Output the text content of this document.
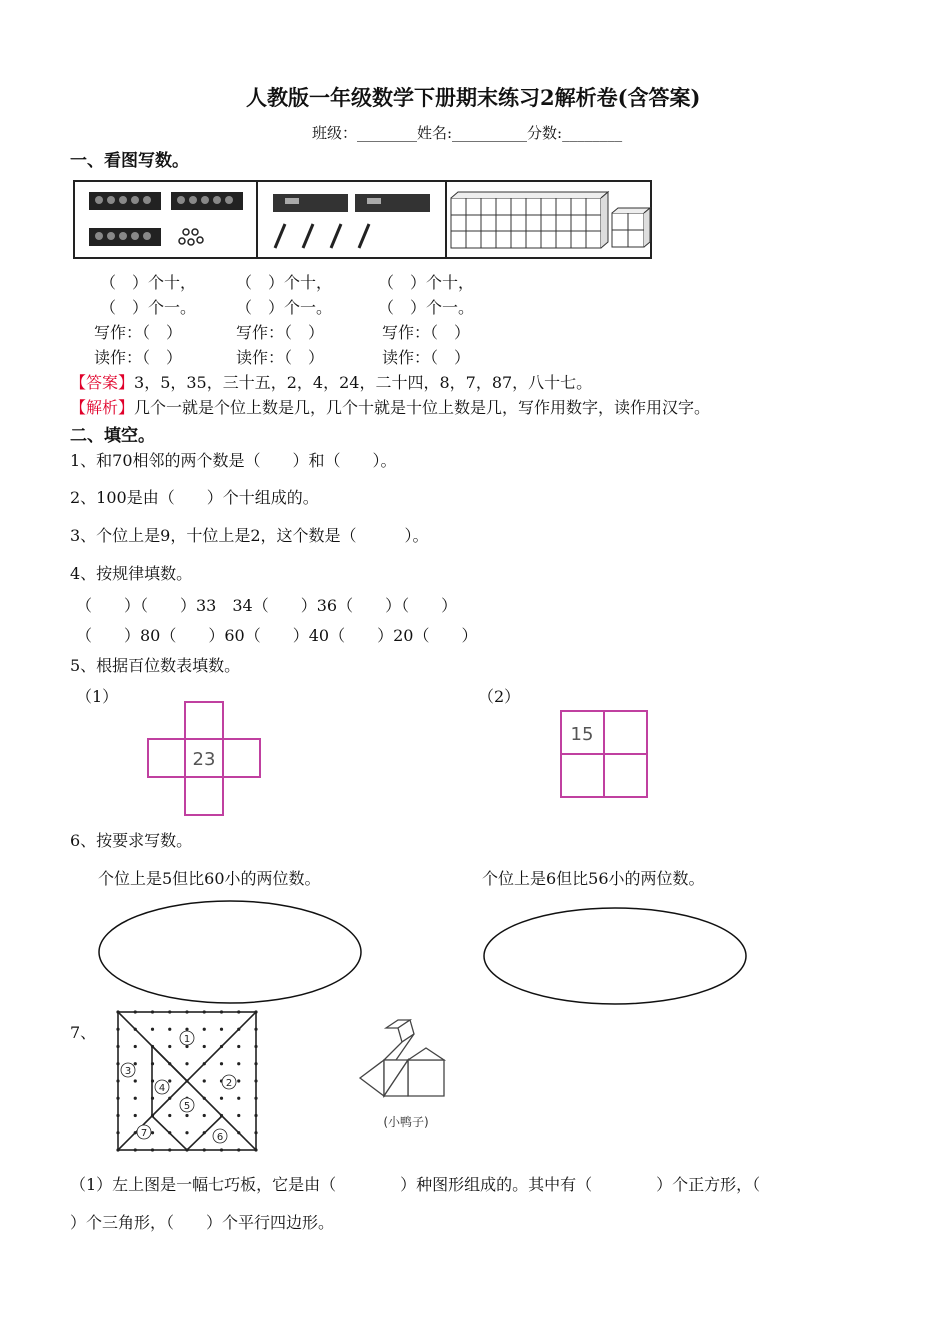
人教版一年级数学下册期末练习2解析卷(含答案)
班级：________姓名:__________分数:________
一、看图写数。
（　）个十， （　）个十，	（　）个十，
（　）个一。 （　）个一。	（　）个一。
写作：（　）	写作：（　）	写作：（　）
读作：（　）	读作：（　）	读作：（　）
【答案】3，5，35，三十五，2，4，24，二十四，8，7，87，八十七。
【解析】几个一就是个位上数是几，几个十就是十位上数是几，写作用数字，读作用汉字。
二、填空。
1、和70相邻的两个数是（　　）和（　　）。
2、100是由（　　）个十组成的。
3、个位上是9，十位上是2，这个数是（　　　）。
4、按规律填数。
（　　）（　　）33　34（　　）36（　　）（　　）
（　　）80（　　）60（　　）40（　　）20（　　）
5、根据百位数表填数。
（1）	（2）
23
15
6、按要求写数。
个位上是5但比60小的两位数。	个位上是6但比56小的两位数。
7、	1
2
3
4
5
6
7
(小鸭子)
（1）左上图是一幅七巧板，它是由（　　　　）种图形组成的。其中有（　　　　）个正方形，（
）个三角形，（　　）个平行四边形。
